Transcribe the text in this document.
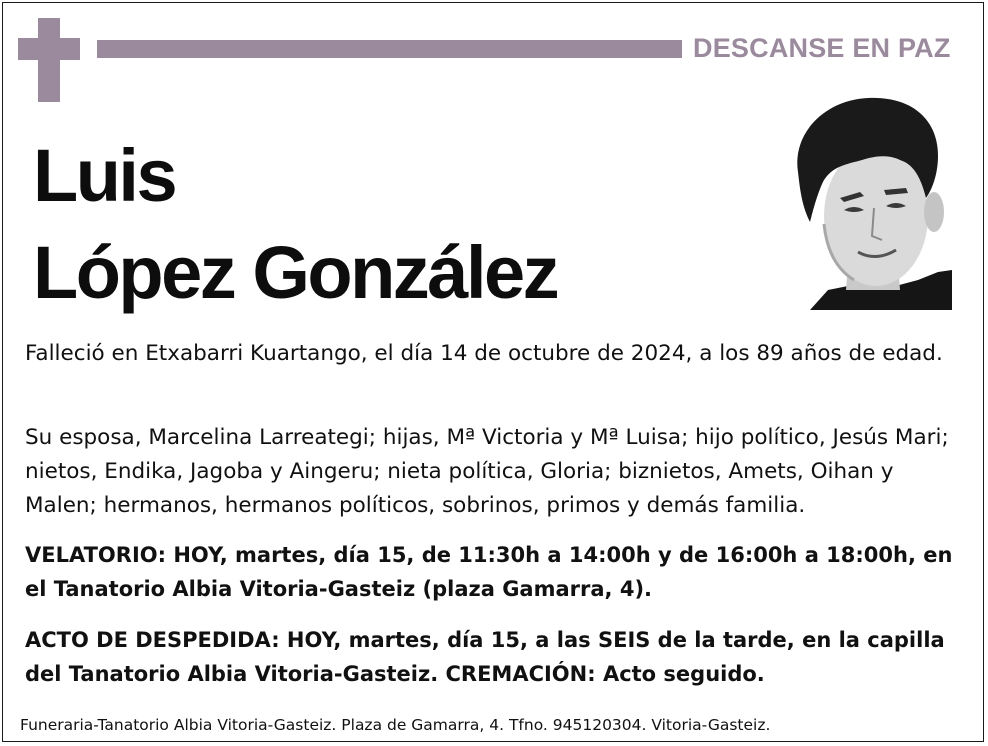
DESCANSE EN PAZ
Luis
López González
Falleció en Etxabarri Kuartango, el día 14 de octubre de 2024, a los 89 años de edad.
Su esposa, Marcelina Larreategi; hijas, Mª Victoria y Mª Luisa; hijo político, Jesús Mari; nietos, Endika, Jagoba y Aingeru; nieta política, Gloria; biznietos, Amets, Oihan y Malen; hermanos, hermanos políticos, sobrinos, primos y demás familia.
VELATORIO: HOY, martes, día 15, de 11:30h a 14:00h y de 16:00h a 18:00h, en el Tanatorio Albia Vitoria-Gasteiz (plaza Gamarra, 4).
ACTO DE DESPEDIDA: HOY, martes, día 15, a las SEIS de la tarde, en la capilla del Tanatorio Albia Vitoria-Gasteiz. CREMACIÓN: Acto seguido.
Funeraria-Tanatorio Albia Vitoria-Gasteiz. Plaza de Gamarra, 4. Tfno. 945120304. Vitoria-Gasteiz.
